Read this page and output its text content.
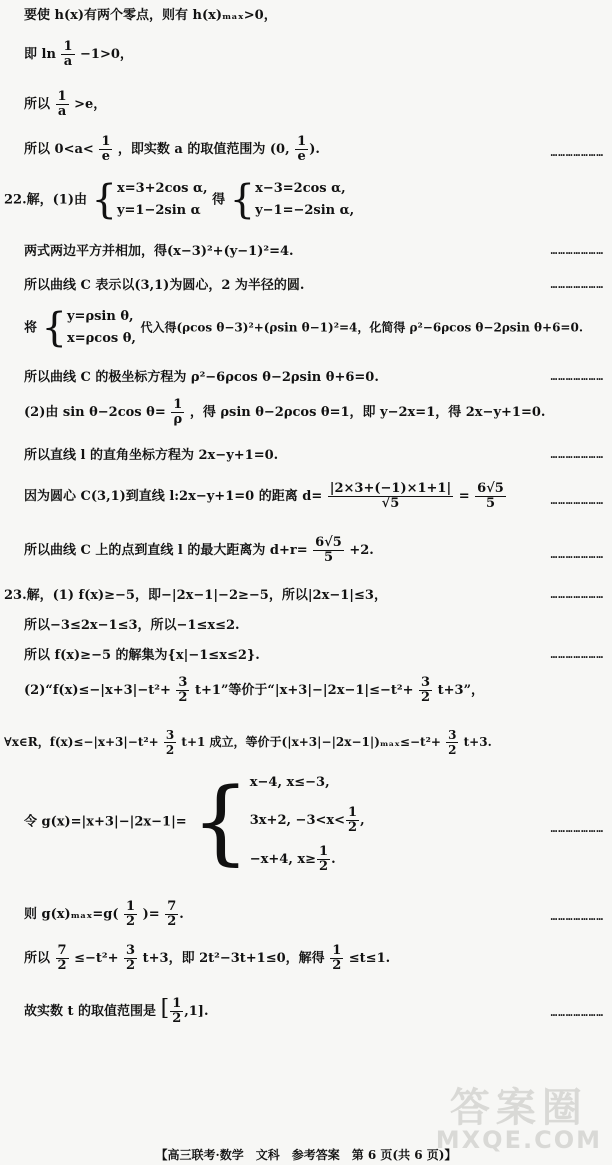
要使 h(x)有两个零点，则有 h(x)ₘₐₓ>0，
即 $\ln \frac{1}{a} -1>0$，
所以 $\frac{1}{a} >e$，
所以 $0<a< \frac{1}{e}$ ，即实数 a 的取值范围为 (0, $\frac{1}{e}$ ).	…………………
22.解，(1)由 { x=3+2cos α,
y=1−2sin α
得 { x−3=2cos α,
y−1=−2sin α,
两式两边平方并相加，得(x−3)²+(y−1)²=4.	…………………
所以曲线 C 表示以(3,1)为圆心，2 为半径的圆.	…………………
将 { y=ρsin θ,
x=ρcos θ,
代入得(ρcos θ−3)²+(ρsin θ−1)²=4，化简得 ρ²−6ρcos θ−2ρsin θ+6=0.
所以曲线 C 的极坐标方程为 ρ²−6ρcos θ−2ρsin θ+6=0.	…………………
(2)由 sin θ−2cos $\theta= \frac{1}{\rho}$ ，得 ρsin θ−2ρcos θ=1，即 y−2x=1，得 2x−y+1=0.
所以直线 l 的直角坐标方程为 2x−y+1=0.	…………………
因为圆心 C(3,1)到直线 l:2x−y+1=0 的距离 $d= \frac{|2\times 3+(-1)\times 1+1|}{√5} = \frac{6√5}{5}$	…………………
所以曲线 C 上的点到直线 l 的最大距离为 $d+r= \frac{6√5}{5} +2$.	…………………
23.解，(1) f(x)≥−5，即−|2x−1|−2≥−5，所以|2x−1|≤3，	…………………
所以−3≤2x−1≤3，所以−1≤x≤2.
所以 f(x)≥−5 的解集为{x|−1≤x≤2}.	…………………
(2)“f(x)≤−|x+3|−t²+ $\frac{3}{2} t+1$”等价于“$|x+3|-|2x-1|\le-t^2+ \frac{3}{2} t+3$”，
∀x∈R，$f(x)\le-|x+3|-t^2+ \frac{3}{2} t+1$ 成立，等价于$(|x+3|-|2x-1|)_{max}\le-t^2+ \frac{3}{2} t+3$.
令 g(x)=|x+3|−|2x−1|= { x−4, x≤−3,
3x+2, $-3<x< \frac{1}{2}$ ,
−x+4, $x\ge \frac{1}{2}$ .
…………………
则 $g(x)_{max}=g( \frac{1}{2}$ )= $\frac{7}{2}$ .	…………………
所以 $\frac{7}{2} \le-t^2+ \frac{3}{2} t+3$，即 2t²−3t+1≤0，解得 $\frac{1}{2} \le t\le 1$.
故实数 t 的取值范围是 [ $\frac{1}{2} ,1$].	…………………
答案圈
MXQE.COM
【高三联考·数学　文科　参考答案　第 6 页(共 6 页)】
